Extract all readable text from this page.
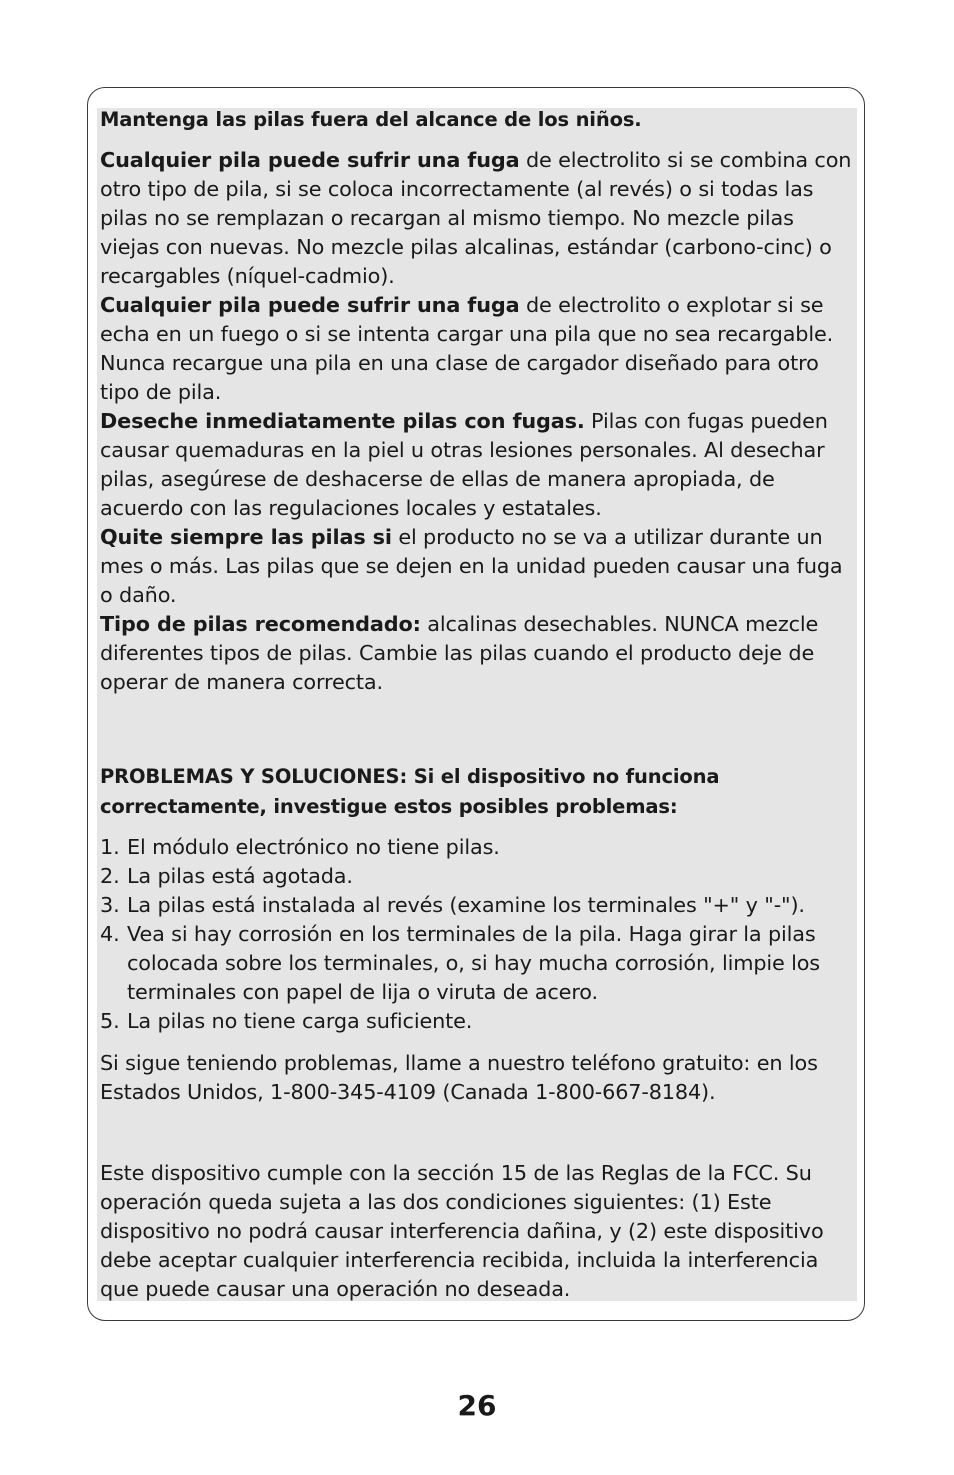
Mantenga las pilas fuera del alcance de los niños.

Cualquier pila puede sufrir una fuga de electrolito si se combina con otro tipo de pila, si se coloca incorrectamente (al revés) o si todas las pilas no se remplazan o recargan al mismo tiempo. No mezcle pilas viejas con nuevas. No mezcle pilas alcalinas, estándar (carbono-cinc) o recargables (níquel-cadmio).

Cualquier pila puede sufrir una fuga de electrolito o explotar si se echa en un fuego o si se intenta cargar una pila que no sea recargable. Nunca recargue una pila en una clase de cargador diseñado para otro tipo de pila.

Deseche inmediatamente pilas con fugas. Pilas con fugas pueden causar quemaduras en la piel u otras lesiones personales. Al desechar pilas, asegúrese de deshacerse de ellas de manera apropiada, de acuerdo con las regulaciones locales y estatales.

Quite siempre las pilas si el producto no se va a utilizar durante un mes o más. Las pilas que se dejen en la unidad pueden causar una fuga o daño.

Tipo de pilas recomendado: alcalinas desechables. NUNCA mezcle diferentes tipos de pilas. Cambie las pilas cuando el producto deje de operar de manera correcta.

PROBLEMAS Y SOLUCIONES: Si el dispositivo no funciona correctamente, investigue estos posibles problemas:

1. El módulo electrónico no tiene pilas.
2. La pilas está agotada.
3. La pilas está instalada al revés (examine los terminales "+" y "-").
4. Vea si hay corrosión en los terminales de la pila. Haga girar la pilas colocada sobre los terminales, o, si hay mucha corrosión, limpie los terminales con papel de lija o viruta de acero.
5. La pilas no tiene carga suficiente.

Si sigue teniendo problemas, llame a nuestro teléfono gratuito: en los Estados Unidos, 1-800-345-4109 (Canada 1-800-667-8184).

Este dispositivo cumple con la sección 15 de las Reglas de la FCC. Su operación queda sujeta a las dos condiciones siguientes: (1) Este dispositivo no podrá causar interferencia dañina, y (2) este dispositivo debe aceptar cualquier interferencia recibida, incluida la interferencia que puede causar una operación no deseada.

26
